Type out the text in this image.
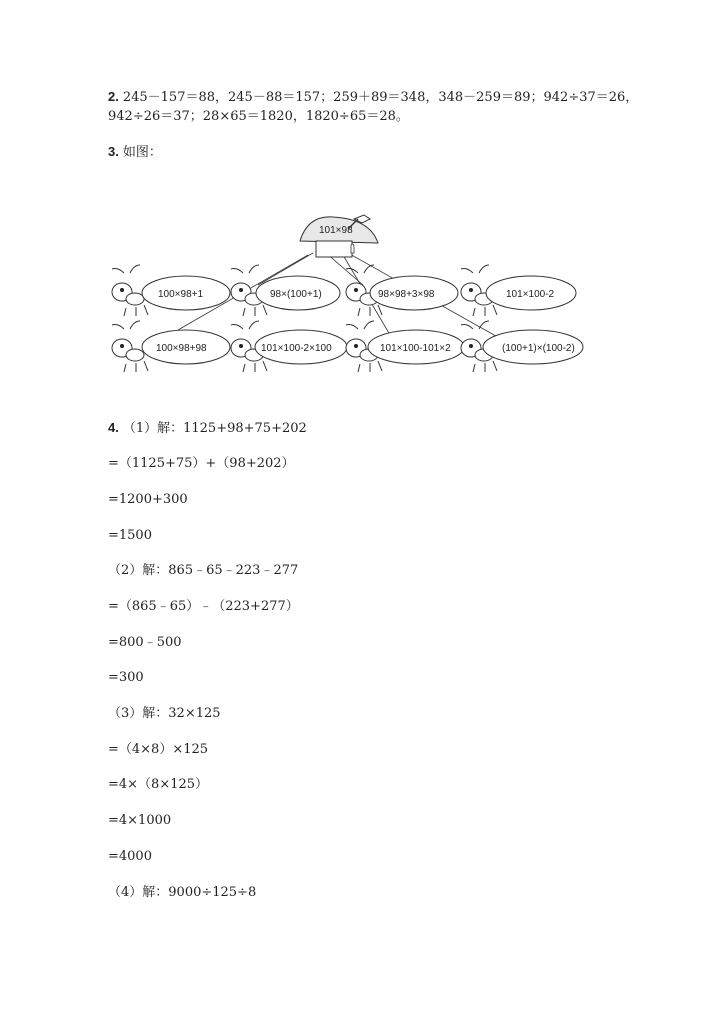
2. 245－157＝88，245－88＝157；259＋89＝348，348－259＝89；942÷37＝26，
942÷26＝37；28×65＝1820，1820÷65＝28。
3. 如图：
101×98
100×98+1	98×(100+1)	98×98+3×98	101×100-2
100×98+98	101×100-2×100	101×100-101×2	(100+1)×(100-2)
4. （1）解：1125+98+75+202
=（1125+75）+（98+202）
=1200+300
=1500
（2）解：865﹣65﹣223﹣277
=（865﹣65）﹣（223+277）
=800﹣500
=300
（3）解：32×125
=（4×8）×125
=4×（8×125）
=4×1000
=4000
（4）解：9000÷125÷8
